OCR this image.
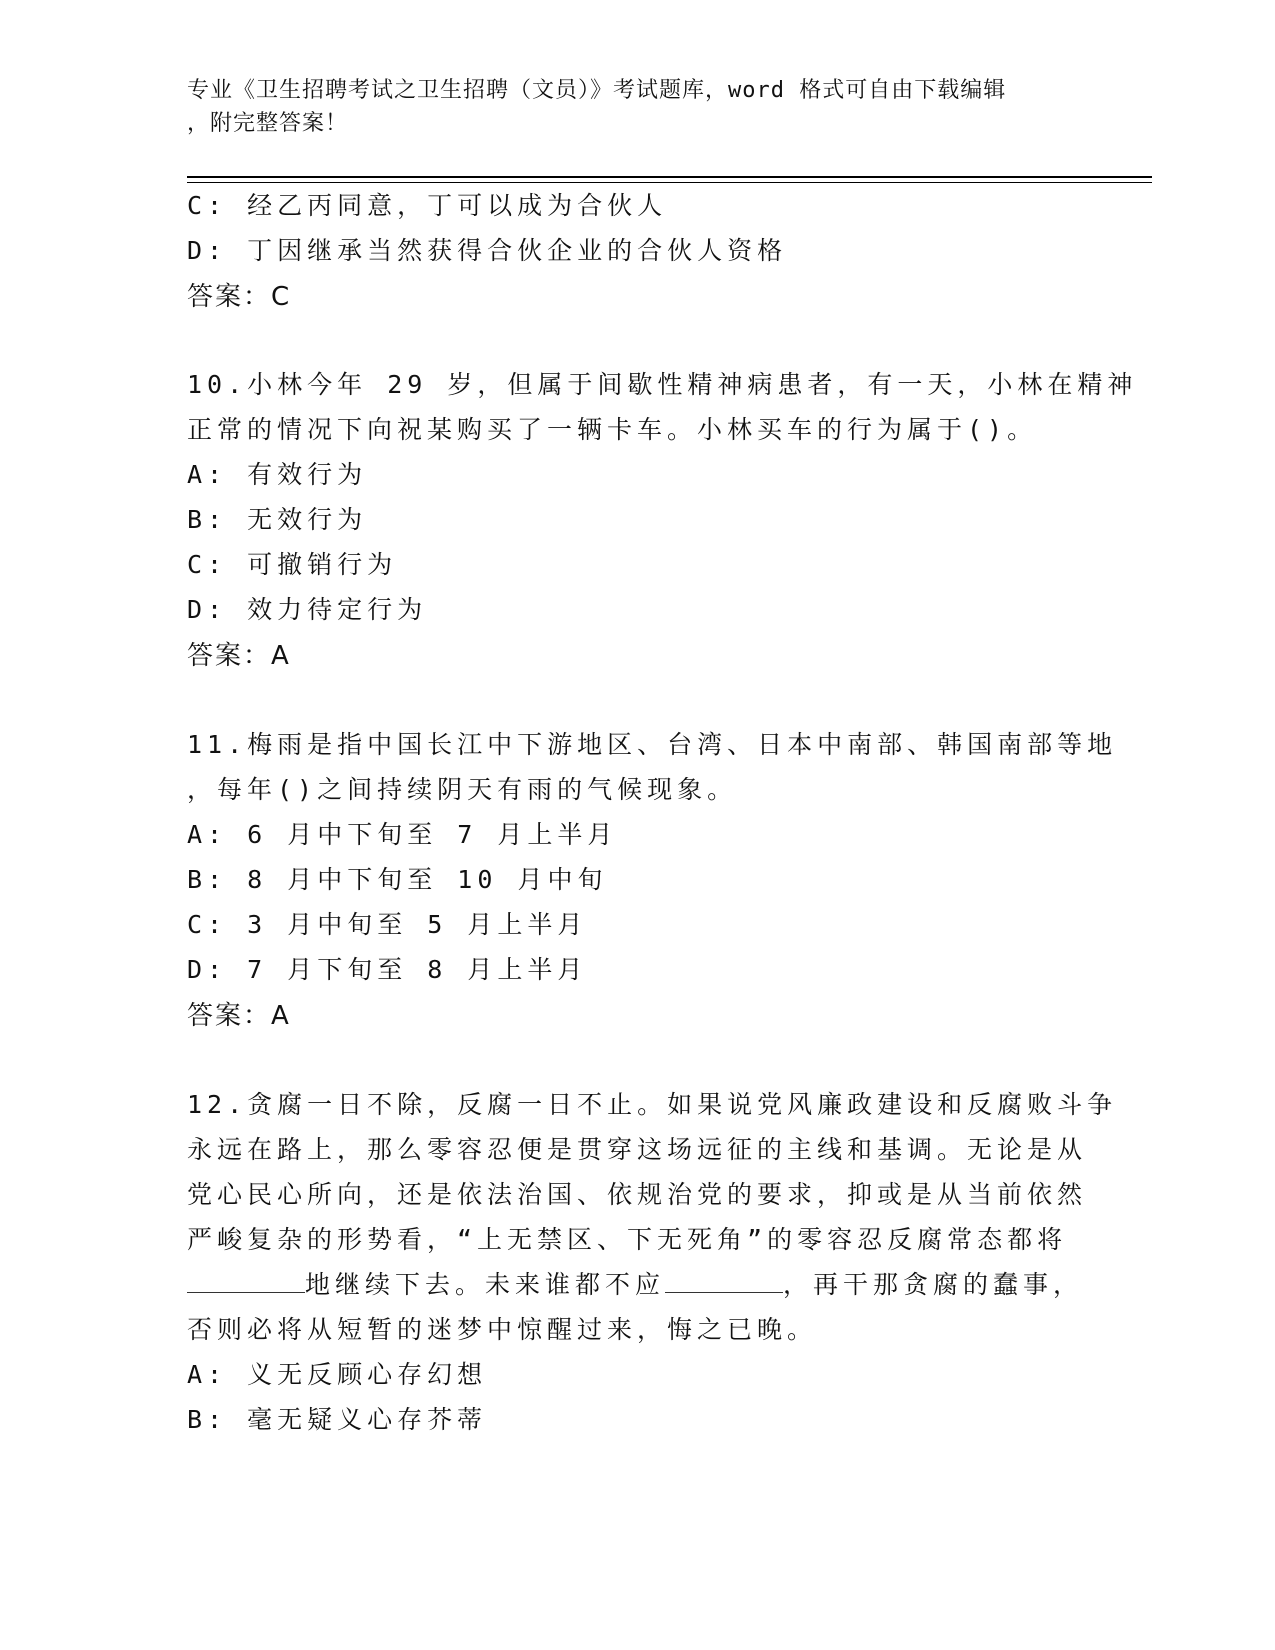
专业《卫生招聘考试之卫生招聘（文员）》考试题库，word 格式可自由下载编辑
，附完整答案！
C: 经乙丙同意，丁可以成为合伙人
D: 丁因继承当然获得合伙企业的合伙人资格
答案：C
10.小林今年 29 岁，但属于间歇性精神病患者，有一天，小林在精神
正常的情况下向祝某购买了一辆卡车。小林买车的行为属于()。
A: 有效行为
B: 无效行为
C: 可撤销行为
D: 效力待定行为
答案：A
11.梅雨是指中国长江中下游地区、台湾、日本中南部、韩国南部等地
，每年()之间持续阴天有雨的气候现象。
A: 6 月中下旬至 7 月上半月
B: 8 月中下旬至 10 月中旬
C: 3 月中旬至 5 月上半月
D: 7 月下旬至 8 月上半月
答案：A
12.贪腐一日不除，反腐一日不止。如果说党风廉政建设和反腐败斗争
永远在路上，那么零容忍便是贯穿这场远征的主线和基调。无论是从
党心民心所向，还是依法治国、依规治党的要求，抑或是从当前依然
严峻复杂的形势看，“上无禁区、下无死角”的零容忍反腐常态都将
地继续下去。未来谁都不应	，再干那贪腐的蠢事，
否则必将从短暂的迷梦中惊醒过来，悔之已晚。
A: 义无反顾心存幻想
B: 毫无疑义心存芥蒂
